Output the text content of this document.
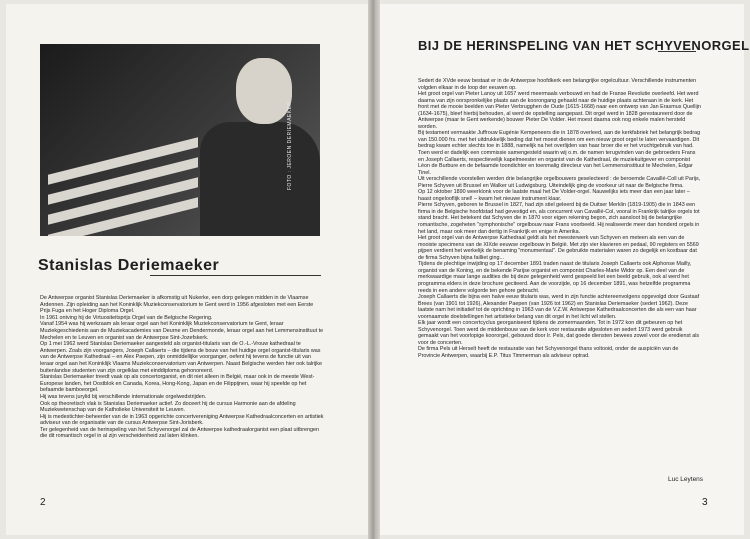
FOTO : JEROEN DERIEMAEKER
Stanislas Deriemaeker

De Antwerpse organist Stanislas Deriemaeker is afkomstig uit Nukerke, een dorp gelegen midden in de Vlaamse Ardennen. Zijn opleiding aan het Koninklijk Muziekconservatorium te Gent werd in 1956 afgesloten met een Eerste Prijs Fuga en het Hoger Diploma Orgel.

In 1961 ontving hij de Virtuositeitsprijs Orgel van de Belgische Regering.

Vanaf 1954 was hij werkzaam als leraar orgel aan het Koninklijk Muziekconservatorium te Gent, leraar Muziekgeschiedenis aan de Muziekacademies van Deurne en Dendermonde, leraar orgel aan het Lemmensinstituut te Mechelen en te Leuven en organist van de Antwerpse Sint-Jozefskerk.

Op 1 mei 1962 werd Stanislas Deriemaeker aangesteld als organist-titularis van de O.-L.-Vrouw kathedraal te Antwerpen. Zoals zijn voorgangers, Joseph Callaerts – die tijdens de bouw van het huidige orgel organist-titularis was van de Antwerpse Kathedraal – en Alex Paepen, zijn onmiddellijke voorganger, oefent hij tevens de functie uit van leraar orgel aan het Koninklijk Vlaams Muziekconservatorium van Antwerpen. Naast Belgische werden hier ook talrijke buitenlandse studenten van zijn orgelklas met einddiploma gehonoreerd.

Stanislas Deriemaeker treedt vaak op als concertorganist, en dit niet alleen in België, maar ook in de meeste West-Europese landen, het Oostblok en Canada, Korea, Hong-Kong, Japan en de Filippijnen, waar hij speelde op het befaamde bamboeorgel.

Hij was tevens jurylid bij verschillende internationale orgelwedstrijden.

Ook op theoretisch vlak is Stanislas Deriemaeker actief. Zo doceert hij de cursus Harmonie aan de afdeling Muziekwetenschap van de Katholieke Universiteit te Leuven.

Hij is medestichter-beheerder van de in 1963 opgerichte concertvereniging Antwerpse Kathedraalconcerten en artistiek adviseur van de organisatie van de cursus Antwerpse Sint-Jorisberk.

Ter gelegenheid van de herinspeling van het Schyvenorgel zal de Antwerpse kathedraalorganist een plaat uitbrengen die dit romantisch orgel in al zijn verscheidenheid zal laten klinken.

2
BIJ DE HERINSPELING VAN HET SCHYVENORGEL

Sedert de XVde eeuw bestaat er in de Antwerpse hoofdkerk een belangrijke orgelcultuur. Verschillende instrumenten volgden elkaar in de loop der eeuwen op.

Het groot orgel van Pieter Lanoy uit 1657 werd meermaals verbouwd en had de Franse Revolutie overleefd. Het werd daarna van zijn oorspronkelijke plaats aan de koorongang gehaald naar de huidige plaats achteraan in de kerk. Het front met de mooie beelden van Pieter Verbrugghen de Oude (1615-1668) naar een ontwerp van Jan Erasmus Quellijn (1634-1675), bleef hierbij behouden, al werd de opstelling aangepast. Dit orgel werd in 1828 gerestaureerd door de Antwerpse (maar te Gent werkende) bouwer Pieter De Volder. Het moest daarna ook nog enkele malen hersteld worden.

Bij testament vermaakte Juffrouw Eugénie Kempeneers die in 1878 overleed, aan de kerkfabriek het belangrijk bedrag van 150.000 frs. met het uitdrukkelijk beding dat het moest dienen om een nieuw groot orgel te laten vervaardigen. Dit bedrag kwam echter slechts toe in 1888, namelijk na het overlijden van haar broer die er het vruchtgebruik van had. Toen werd er dadelijk een commissie samengesteld waarin wij o.m. de namen terugvinden van de gebroeders Frans en Joseph Callaerts, respectievelijk kapelmeester en organist van de Kathedraal, de muziekuitgever en componist Léon de Burbure en de befaamde toondichter en toenmalig directeur van het Lemmensinstituut te Mechelen, Edgar Tinel.

Uit verschillende voorstellen werden drie belangrijke orgelbouwers geselecteerd : de beroemde Cavaillé-Coll uit Parijs, Pierre Schyven uit Brussel en Walker uit Ludwigsburg. Uiteindelijk ging de voorkeur uit naar de Belgische firma.

Op 12 oktober 1890 weerklonk voor de laatste maal het De Volder-orgel. Nauwelijks iets meer dan een jaar later – haast ongelooflijk snel! – kwam het nieuwe instrument klaar.

Pierre Schyven, geboren te Brussel in 1827, had zijn stiel geleerd bij de Duitser Merklin (1819-1905) die in 1843 een firma in de Belgische hoofdstad had gevestigd en, als concurrent van Cavaillé-Col, vooral in Frankrijk talrijke orgels tot stand bracht. Het betekent dat Schyven die in 1870 voor eigen rekening begon, zich aansloot bij de belangrijke romantische, zogeheten "symphonische" orgelbouw naar Frans voorbeeld. Hij realiseerde meer dan honderd orgels in het land, maar ook meer dan dertig in Frankrijk en enige in Amerika.

Het groot orgel van de Antwerpse Kathedraal geldt als het meesterwerk van Schyven en meteen als een van de mooiste specimens van de XIXde eeuwse orgelbouw in België. Met zijn vier klavieren en pedaal, 90 registers en 5569 pijpen verdient het werkelijk de benaming "monumentaal". De gebruikte materialen waren zo degelijk en kostbaar dat de firma Schyven bijna failliet ging...

Tijdens de plechtige inwijding op 17 december 1891 traden naast de titularis Joseph Callaerts ook Alphonse Mailly, organist van de Koning, en de bekende Parijse organist en componist Charles-Marie Widor op. Een deel van de merkwaardige maar lange audities die bij deze gelegenheid werd gespeeld liet een beeld gebruik, ook al werd het programma elders in deze brochure geciteerd. Aan de voorzijde, op 16 december 1891, was hetzelfde programma reeds in een andere volgorde ten gehore gebracht.

Joseph Callaerts die bijna een halve eeuw titularis was, werd in zijn functie achtereenvolgens opgevolgd door Gustaaf Brees (van 1901 tot 1926), Alexander Paepen (van 1926 tot 1962) en Stanislas Deriemaeker (sedert 1962). Deze laatste nam het initiatief tot de oprichting in 1963 van de V.Z.W. Antwerpse Kathedraalconcerten die als een van haar voornaamste doelstellingen het artistieke belang van dit orgel in het licht wil stellen.

Elk jaar wordt een concertcyclus georganiseerd tijdens de zomermaanden. Tot in 1972 kon dit gebeuren op het Schyvenorgel. Toen werd de middenbouw van de kerk voor restauratie afgesloten en sedert 1973 werd gebruik gemaakt van het voorlopige koororgel, gebouwd door Ir. Pels, dat goede diensten bewees zowel voor de eredienst als voor de concerten.

De firma Pels uit Herselt heeft de restauratie van het Schyvenorgel thans voltooid, onder de auspiciën van de Provincie Antwerpen, waarbij E.P. Titus Timmerman als adviseur optrad.

Luc Leytens
3
